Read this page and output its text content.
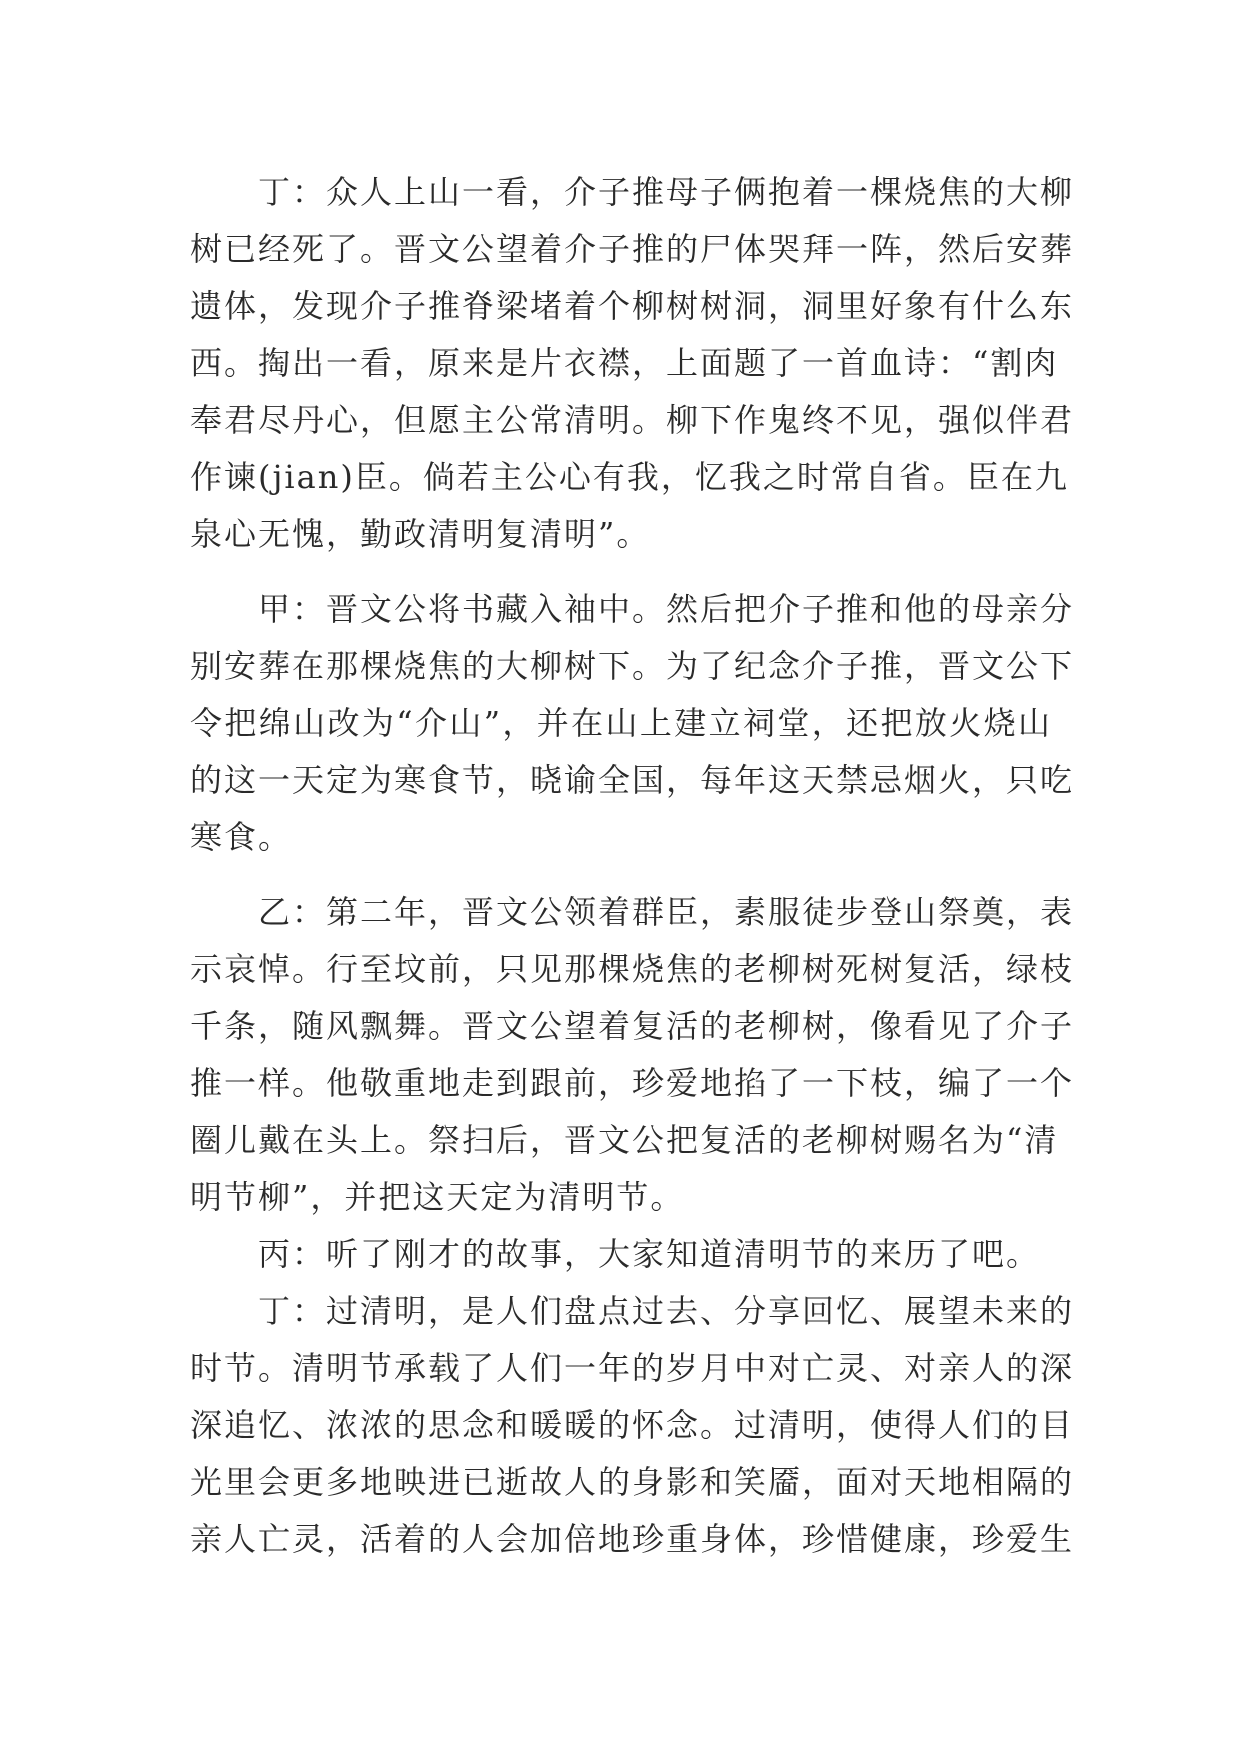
　　丁：众人上山一看，介子推母子俩抱着一棵烧焦的大柳
树已经死了。晋文公望着介子推的尸体哭拜一阵，然后安葬
遗体，发现介子推脊梁堵着个柳树树洞，洞里好象有什么东
西。掏出一看，原来是片衣襟，上面题了一首血诗：“割肉
奉君尽丹心，但愿主公常清明。柳下作鬼终不见，强似伴君
作谏(jian)臣。倘若主公心有我，忆我之时常自省。臣在九
泉心无愧，勤政清明复清明”。
　　甲：晋文公将书藏入袖中。然后把介子推和他的母亲分
别安葬在那棵烧焦的大柳树下。为了纪念介子推，晋文公下
令把绵山改为“介山”，并在山上建立祠堂，还把放火烧山
的这一天定为寒食节，晓谕全国，每年这天禁忌烟火，只吃
寒食。
　　乙：第二年，晋文公领着群臣，素服徒步登山祭奠，表
示哀悼。行至坟前，只见那棵烧焦的老柳树死树复活，绿枝
千条，随风飘舞。晋文公望着复活的老柳树，像看见了介子
推一样。他敬重地走到跟前，珍爱地掐了一下枝，编了一个
圈儿戴在头上。祭扫后，晋文公把复活的老柳树赐名为“清
明节柳”，并把这天定为清明节。
　　丙：听了刚才的故事，大家知道清明节的来历了吧。
　　丁：过清明，是人们盘点过去、分享回忆、展望未来的
时节。清明节承载了人们一年的岁月中对亡灵、对亲人的深
深追忆、浓浓的思念和暖暖的怀念。过清明，使得人们的目
光里会更多地映进已逝故人的身影和笑靥，面对天地相隔的
亲人亡灵，活着的人会加倍地珍重身体，珍惜健康，珍爱生
